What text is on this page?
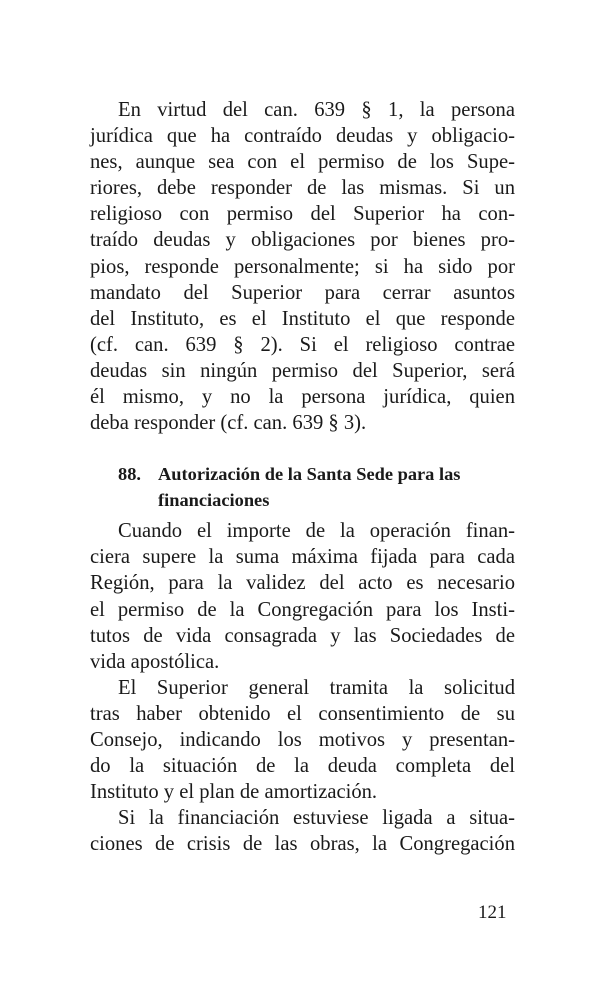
En virtud del can. 639 § 1, la persona
jurídica que ha contraído deudas y obligacio-
nes, aunque sea con el permiso de los Supe-
riores, debe responder de las mismas. Si un
religioso con permiso del Superior ha con-
traído deudas y obligaciones por bienes pro-
pios, responde personalmente; si ha sido por
mandato del Superior para cerrar asuntos
del Instituto, es el Instituto el que responde
(cf. can. 639 § 2). Si el religioso contrae
deudas sin ningún permiso del Superior, será
él mismo, y no la persona jurídica, quien
deba responder (cf. can. 639 § 3).

88. Autorización de la Santa Sede para las
financiaciones

Cuando el importe de la operación finan-
ciera supere la suma máxima fijada para cada
Región, para la validez del acto es necesario
el permiso de la Congregación para los Insti-
tutos de vida consagrada y las Sociedades de
vida apostólica.

El Superior general tramita la solicitud
tras haber obtenido el consentimiento de su
Consejo, indicando los motivos y presentan-
do la situación de la deuda completa del
Instituto y el plan de amortización.

Si la financiación estuviese ligada a situa-
ciones de crisis de las obras, la Congregación

121
